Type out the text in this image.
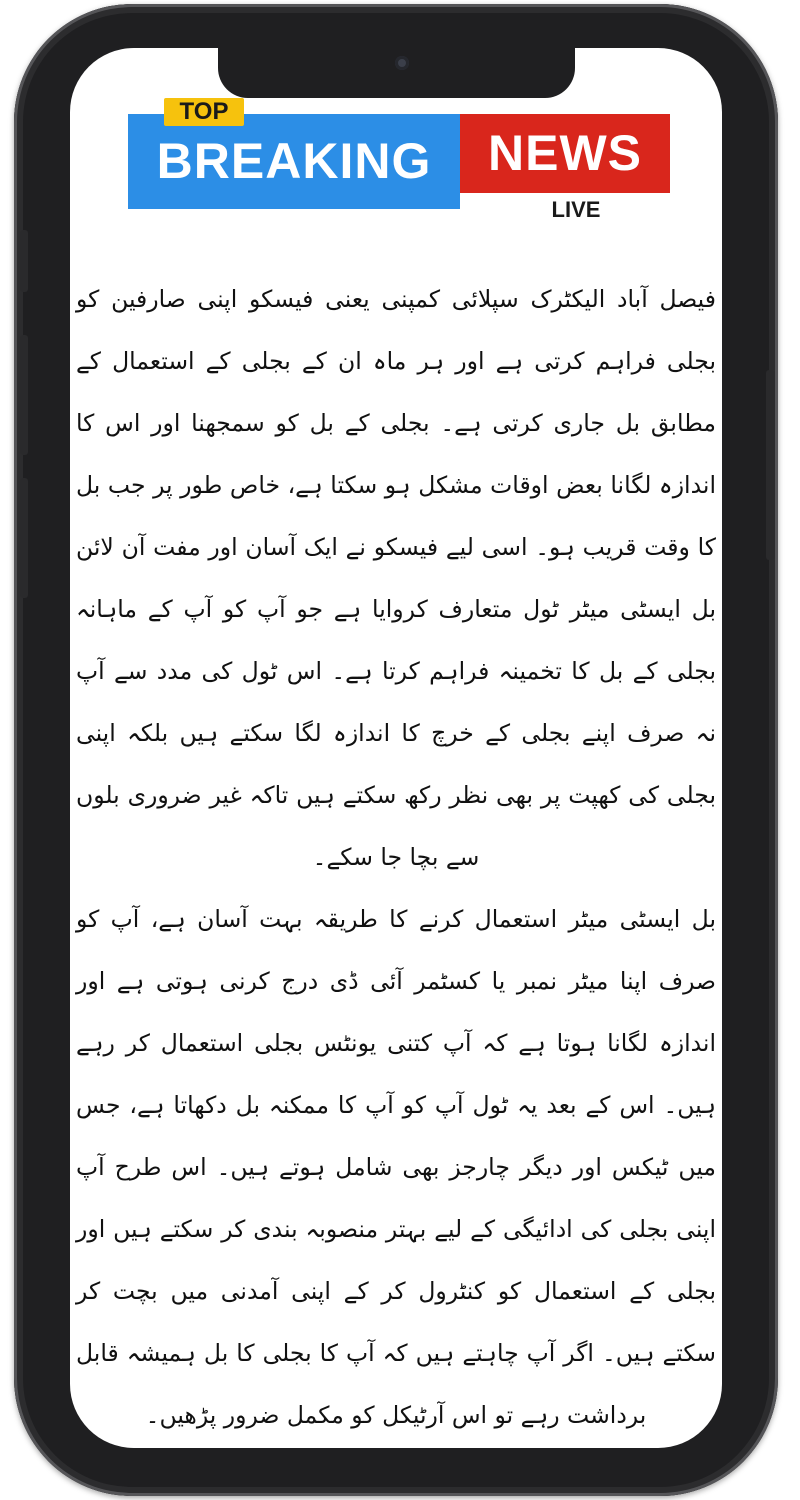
BREAKING
TOP
NEWS
LIVE

فیصل آباد الیکٹرک سپلائی کمپنی یعنی فیسکو اپنی صارفین کو بجلی فراہم کرتی ہے اور ہر ماہ ان کے بجلی کے استعمال کے مطابق بل جاری کرتی ہے۔ بجلی کے بل کو سمجھنا اور اس کا اندازہ لگانا بعض اوقات مشکل ہو سکتا ہے، خاص طور پر جب بل کا وقت قریب ہو۔ اسی لیے فیسکو نے ایک آسان اور مفت آن لائن بل ایسٹی میٹر ٹول متعارف کروایا ہے جو آپ کو آپ کے ماہانہ بجلی کے بل کا تخمینہ فراہم کرتا ہے۔ اس ٹول کی مدد سے آپ نہ صرف اپنے بجلی کے خرچ کا اندازہ لگا سکتے ہیں بلکہ اپنی بجلی کی کھپت پر بھی نظر رکھ سکتے ہیں تاکہ غیر ضروری بلوں سے بچا جا سکے۔

بل ایسٹی میٹر استعمال کرنے کا طریقہ بہت آسان ہے، آپ کو صرف اپنا میٹر نمبر یا کسٹمر آئی ڈی درج کرنی ہوتی ہے اور اندازہ لگانا ہوتا ہے کہ آپ کتنی یونٹس بجلی استعمال کر رہے ہیں۔ اس کے بعد یہ ٹول آپ کو آپ کا ممکنہ بل دکھاتا ہے، جس میں ٹیکس اور دیگر چارجز بھی شامل ہوتے ہیں۔ اس طرح آپ اپنی بجلی کی ادائیگی کے لیے بہتر منصوبہ بندی کر سکتے ہیں اور بجلی کے استعمال کو کنٹرول کر کے اپنی آمدنی میں بچت کر سکتے ہیں۔ اگر آپ چاہتے ہیں کہ آپ کا بجلی کا بل ہمیشہ قابل برداشت رہے تو اس آرٹیکل کو مکمل ضرور پڑھیں۔
